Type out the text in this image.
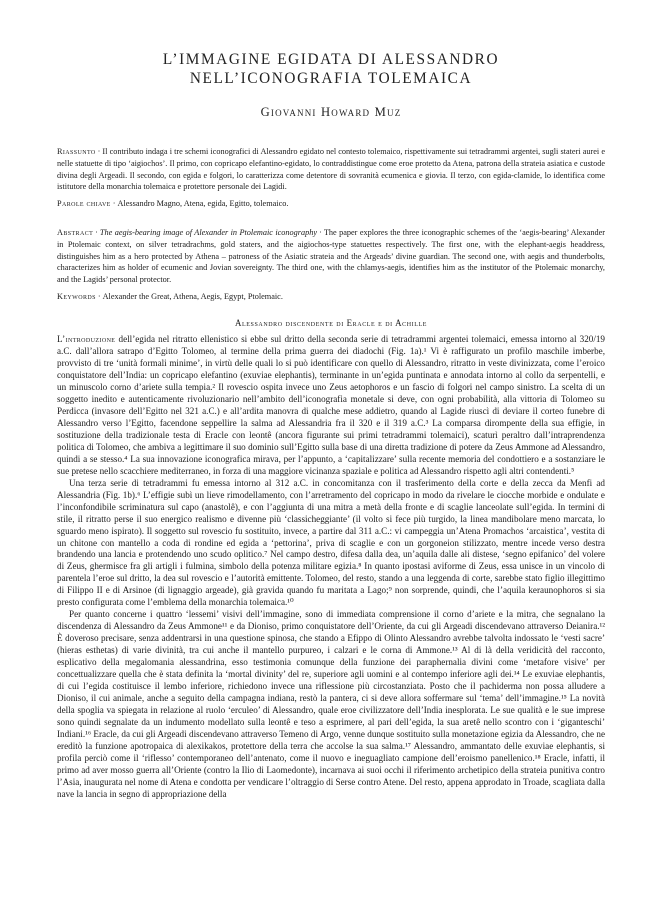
L’IMMAGINE EGIDATA DI ALESSANDRO
NELL’ICONOGRAFIA TOLEMAICA
Giovanni Howard Muz
Riassunto · Il contributo indaga i tre schemi iconografici di Alessandro egidato nel contesto tolemaico, rispettivamente sui tetradrammi argentei, sugli stateri aurei e nelle statuette di tipo ‘aigiochos’. Il primo, con copricapo elefantino-egidato, lo contraddistingue come eroe protetto da Atena, patrona della strateia asiatica e custode divina degli Argeadi. Il secondo, con egida e folgori, lo caratterizza come detentore di sovranità ecumenica e gioviа. Il terzo, con egida-clamide, lo identifica come istitutore della monarchia tolemaica e protettore personale dei Lagidi.
Parole chiave · Alessandro Magno, Atena, egida, Egitto, tolemaico.
Abstract · The aegis-bearing image of Alexander in Ptolemaic iconography · The paper explores the three iconographic schemes of the ‘aegis-bearing’ Alexander in Ptolemaic context, on silver tetradrachms, gold staters, and the aigiochos-type statuettes respectively. The first one, with the elephant-aegis headdress, distinguishes him as a hero protected by Athena – patroness of the Asiatic strateia and the Argeads’ divine guardian. The second one, with aegis and thunderbolts, characterizes him as holder of ecumenic and Jovian sovereignty. The third one, with the chlamys-aegis, identifies him as the institutor of the Ptolemaic monarchy, and the Lagids’ personal protector.
Keywords · Alexander the Great, Athena, Aegis, Egypt, Ptolemaic.
Alessandro discendente di Eracle e di Achille

L’introduzione dell’egida nel ritratto ellenistico si ebbe sul dritto della seconda serie di tetradrammi argentei tolemaici, emessa intorno al 320/19 a.C. dall’allora satrapo d’Egitto Tolomeo, al termine della prima guerra dei diadochi (Fig. 1a).¹ Vi è raffigurato un profilo maschile imberbe, provvisto di tre ‘unità formali minime’, in virtù delle quali lo si può identificare con quello di Alessandro, ritratto in veste divinizzata, come l’eroico conquistatore dell’India: un copricapo elefantino (exuviae elephantis), terminante in un’egida puntinata e annodata intorno al collo da serpentelli, e un minuscolo corno d’ariete sulla tempia.² Il rovescio ospita invece uno Zeus aetophoros e un fascio di folgori nel campo sinistro. La scelta di un soggetto inedito e autenticamente rivoluzionario nell’ambito dell’iconografia monetale si deve, con ogni probabilità, alla vittoria di Tolomeo su Perdicca (invasore dell’Egitto nel 321 a.C.) e all’ardita manovra di qualche mese addietro, quando al Lagide riuscì di deviare il corteo funebre di Alessandro verso l’Egitto, facendone seppellire la salma ad Alessandria fra il 320 e il 319 a.C.³ La comparsa dirompente della sua effigie, in sostituzione della tradizionale testa di Eracle con leontê (ancora figurante sui primi tetradrammi tolemaici), scaturì peraltro dall’intraprendenza politica di Tolomeo, che ambiva a legittimare il suo dominio sull’Egitto sulla base di una diretta tradizione di potere da Zeus Ammone ad Alessandro, quindi a se stesso.⁴ La sua innovazione iconografica mirava, per l’appunto, a ‘capitalizzare’ sulla recente memoria del condottiero e a sostanziare le sue pretese nello scacchiere mediterraneo, in forza di una maggiore vicinanza spaziale e politica ad Alessandro rispetto agli altri contendenti.⁵

Una terza serie di tetradrammi fu emessa intorno al 312 a.C. in concomitanza con il trasferimento della corte e della zecca da Menfi ad Alessandria (Fig. 1b).⁶ L’effigie subì un lieve rimodellamento, con l’arretramento del copricapo in modo da rivelare le ciocche morbide e ondulate e l’inconfondibile scriminatura sul capo (anastolê), e con l’aggiunta di una mitra a metà della fronte e di scaglie lanceolate sull’egida. In termini di stile, il ritratto perse il suo energico realismo e divenne più ‘classicheggiante’ (il volto si fece più turgido, la linea mandibolare meno marcata, lo sguardo meno ispirato). Il soggetto sul rovescio fu sostituito, invece, a partire dal 311 a.C.: vi campeggia un’Atena Promachos ‘arcaistica’, vestita di un chitone con mantello a coda di rondine ed egida a ‘pettorina’, priva di scaglie e con un gorgoneion stilizzato, mentre incede verso destra brandendo una lancia e protendendo uno scudo oplitico.⁷ Nel campo destro, difesa dalla dea, un’aquila dalle ali distese, ‘segno epifanico’ del volere di Zeus, ghermisce fra gli artigli i fulmina, simbolo della potenza militare egizia.⁸ In quanto ipostasi aviforme di Zeus, essa unisce in un vincolo di parentela l’eroe sul dritto, la dea sul rovescio e l’autorità emittente. Tolomeo, del resto, stando a una leggenda di corte, sarebbe stato figlio illegittimo di Filippo II e di Arsinoe (di lignaggio argeade), già gravida quando fu maritata a Lago;⁹ non sorprende, quindi, che l’aquila keraunophoros si sia presto configurata come l’emblema della monarchia tolemaica.¹⁰

Per quanto concerne i quattro ‘lessemi’ visivi dell’immagine, sono di immediata comprensione il corno d’ariete e la mitra, che segnalano la discendenza di Alessandro da Zeus Ammone¹¹ e da Dioniso, primo conquistatore dell’Oriente, da cui gli Argeadi discendevano attraverso Deianira.¹² È doveroso precisare, senza addentrarsi in una questione spinosa, che stando a Efippo di Olinto Alessandro avrebbe talvolta indossato le ‘vesti sacre’ (hieras esthetas) di varie divinità, tra cui anche il mantello purpureo, i calzari e le corna di Ammone.¹³ Al di là della veridicità del racconto, esplicativo della megalomania alessandrina, esso testimonia comunque della funzione dei paraphernalia divini come ‘metafore visive’ per concettualizzare quella che è stata definita la ‘mortal divinity’ del re, superiore agli uomini e al contempo inferiore agli dei.¹⁴ Le exuviae elephantis, di cui l’egida costituisce il lembo inferiore, richiedono invece una riflessione più circostanziata. Posto che il pachiderma non possa alludere a Dioniso, il cui animale, anche a seguito della campagna indiana, restò la pantera, ci si deve allora soffermare sul ‘tema’ dell’immagine.¹⁵ La novità della spoglia va spiegata in relazione al ruolo ‘erculeo’ di Alessandro, quale eroe civilizzatore dell’India inesplorata. Le sue qualità e le sue imprese sono quindi segnalate da un indumento modellato sulla leontê e teso a esprimere, al pari dell’egida, la sua aretê nello scontro con i ‘giganteschi’ Indiani.¹⁶ Eracle, da cui gli Argeadi discendevano attraverso Temeno di Argo, venne dunque sostituito sulla monetazione egizia da Alessandro, che ne ereditò la funzione apotropaica di alexikakos, protettore della terra che accolse la sua salma.¹⁷ Alessandro, ammantato delle exuviae elephantis, si profila perciò come il ‘riflesso’ contemporaneo dell’antenato, come il nuovo e ineguagliato campione dell’eroismo panellenico.¹⁸ Eracle, infatti, il primo ad aver mosso guerra all’Oriente (contro la Ilio di Laomedonte), incarnava ai suoi occhi il riferimento archetipico della strateia punitiva contro l’Asia, inaugurata nel nome di Atena e condotta per vendicare l’oltraggio di Serse contro Atene. Del resto, appena approdato in Troade, scagliata dalla nave la lancia in segno di appropriazione della
